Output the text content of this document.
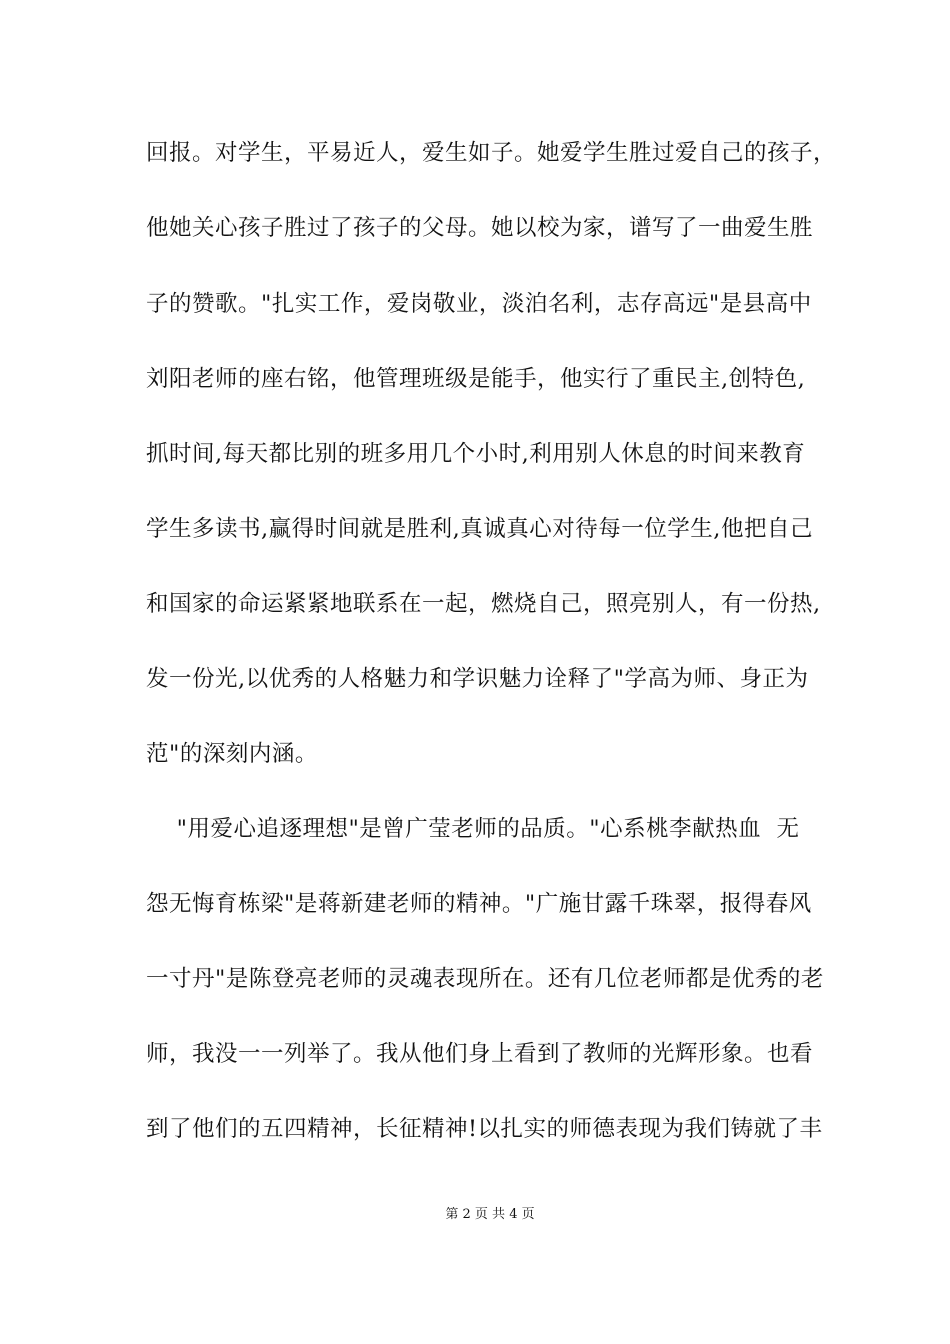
回报。对学生，平易近人，爱生如子。她爱学生胜过爱自己的孩子，
他她关心孩子胜过了孩子的父母。她以校为家，谱写了一曲爱生胜
子的赞歌。"扎实工作，爱岗敬业，淡泊名利，志存高远"是县高中
刘阳老师的座右铭，他管理班级是能手，他实行了重民主,创特色,
抓时间,每天都比别的班多用几个小时,利用别人休息的时间来教育
学生多读书,赢得时间就是胜利,真诚真心对待每一位学生,他把自己
和国家的命运紧紧地联系在一起，燃烧自己，照亮别人，有一份热,
发一份光,以优秀的人格魅力和学识魅力诠释了"学高为师、身正为
范"的深刻内涵。
"用爱心追逐理想"是曾广莹老师的品质。"心系桃李献热血  无
怨无悔育栋梁"是蒋新建老师的精神。"广施甘露千珠翠，报得春风
一寸丹"是陈登亮老师的灵魂表现所在。还有几位老师都是优秀的老
师，我没一一列举了。我从他们身上看到了教师的光辉形象。也看
到了他们的五四精神，长征精神!以扎实的师德表现为我们铸就了丰
第 2 页 共 4 页
